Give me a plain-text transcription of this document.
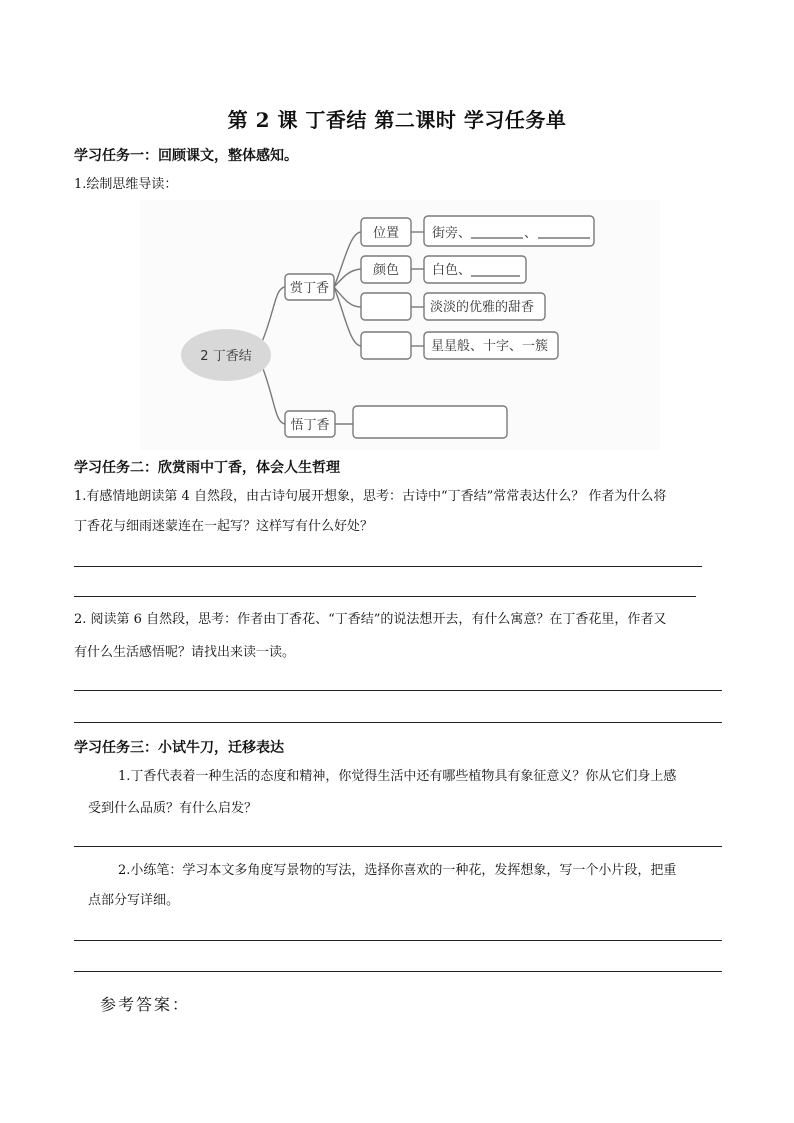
第 2 课 丁香结 第二课时 学习任务单
学习任务一：回顾课文，整体感知。
1.绘制思维导读：
2 丁香结
赏丁香
悟丁香
位置	街旁、	、
颜色	白色、
淡淡的优雅的甜香
星星般、十字、一簇
学习任务二：欣赏雨中丁香，体会人生哲理
1.有感情地朗读第 4 自然段，由古诗句展开想象，思考：古诗中“丁香结”常常表达什么？ 作者为什么将
丁香花与细雨迷蒙连在一起写？这样写有什么好处？
2. 阅读第 6 自然段，思考：作者由丁香花、“丁香结”的说法想开去，有什么寓意？在丁香花里，作者又
有什么生活感悟呢？请找出来读一读。
学习任务三：小试牛刀，迁移表达
1.丁香代表着一种生活的态度和精神，你觉得生活中还有哪些植物具有象征意义？你从它们身上感
受到什么品质？有什么启发？
2.小练笔：学习本文多角度写景物的写法，选择你喜欢的一种花，发挥想象，写一个小片段，把重
点部分写详细。
参考答案：
